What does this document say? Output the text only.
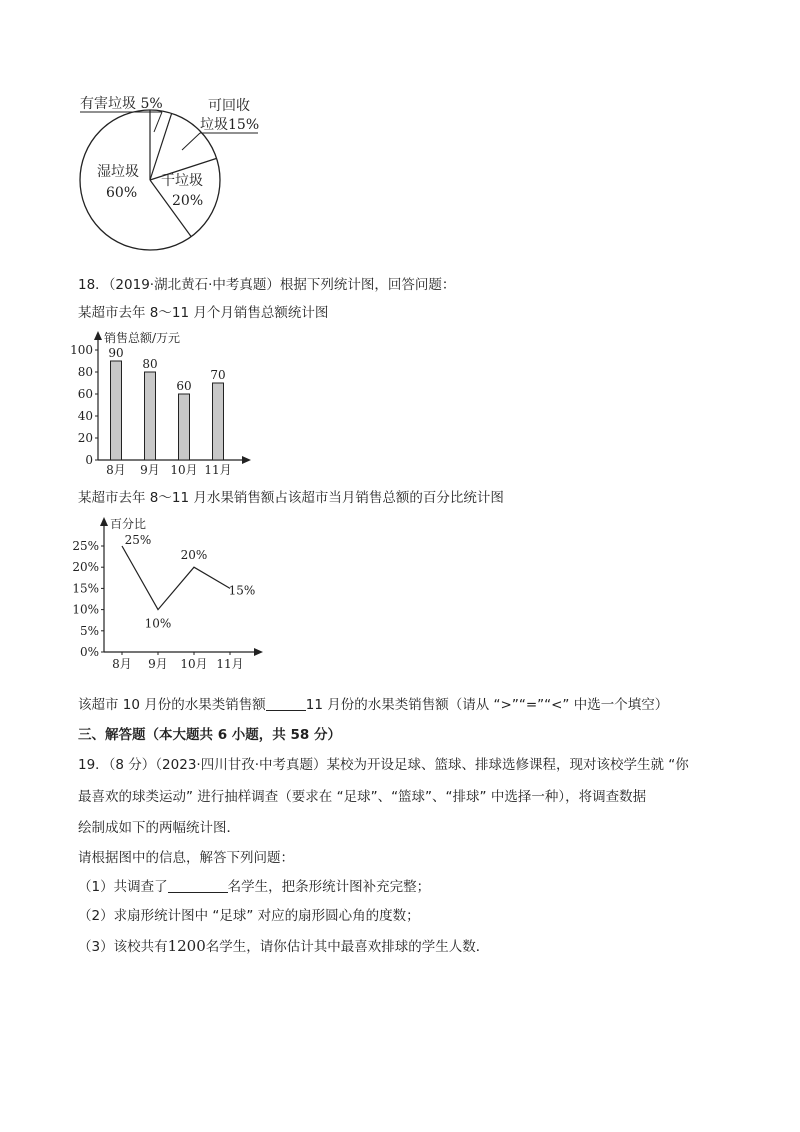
有害垃圾 5%	可回收
垃圾15%
湿垃圾
60%
干垃圾
20%
18．（2019·湖北黄石·中考真题）根据下列统计图，回答问题：
某超市去年 8～11 月个月销售总额统计图
销售总额/万元
0
20
40
60
80
100 90
8月
80
9月
60
10月
70
11月
某超市去年 8～11 月水果销售额占该超市当月销售总额的百分比统计图
百分比
0%
5%
10%
15%
20%
25%
8月 9月 10月 11月
25%
10%
20%
15%
该超市 10 月份的水果类销售额	11 月份的水果类销售额（请从 “>”“=”“<” 中选一个填空）
三、解答题（本大题共 6 小题，共 58 分）
19．（8 分）（2023·四川甘孜·中考真题）某校为开设足球、篮球、排球选修课程，现对该校学生就 “你
最喜欢的球类运动” 进行抽样调查（要求在 “足球”、“篮球”、“排球” 中选择一种），将调查数据
绘制成如下的两幅统计图．
请根据图中的信息，解答下列问题：
（1）共调查了	名学生，把条形统计图补充完整；
（2）求扇形统计图中 “足球” 对应的扇形圆心角的度数；
（3）该校共有1200名学生，请你估计其中最喜欢排球的学生人数．
